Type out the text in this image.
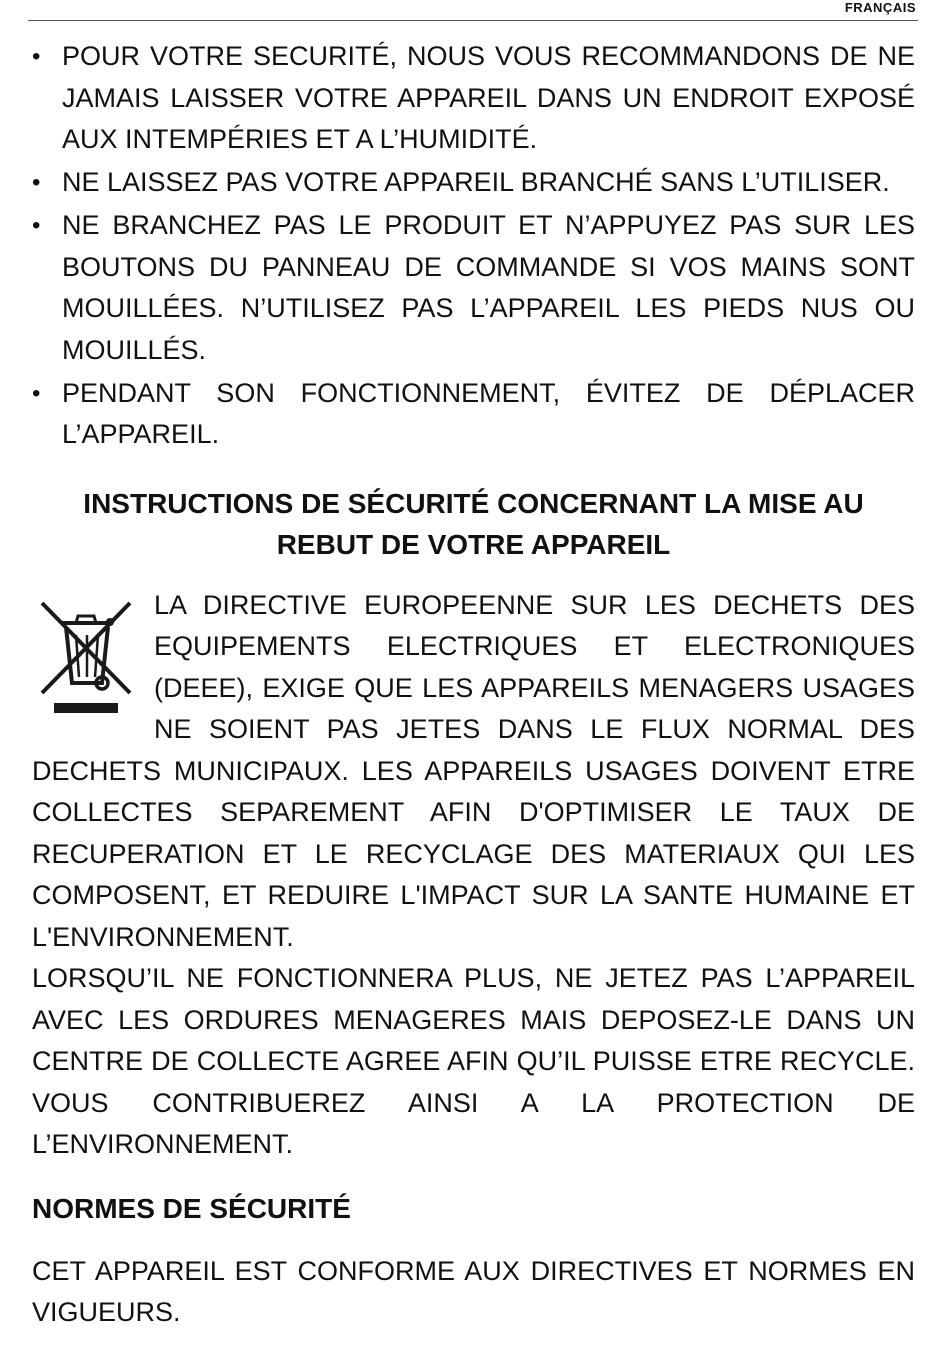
FRANÇAIS
• POUR VOTRE SECURITÉ, NOUS VOUS RECOMMANDONS DE NE JAMAIS LAISSER VOTRE APPAREIL DANS UN ENDROIT EXPOSÉ AUX INTEMPÉRIES ET A L’HUMIDITÉ.
• NE LAISSEZ PAS VOTRE APPAREIL BRANCHÉ SANS L’UTILISER.
• NE BRANCHEZ PAS LE PRODUIT ET N’APPUYEZ PAS SUR LES BOUTONS DU PANNEAU DE COMMANDE SI VOS MAINS SONT MOUILLÉES. N’UTILISEZ PAS L’APPAREIL LES PIEDS NUS OU MOUILLÉS.
• PENDANT SON FONCTIONNEMENT, ÉVITEZ DE DÉPLACER L’APPAREIL.
INSTRUCTIONS DE SÉCURITÉ CONCERNANT LA MISE AU REBUT DE VOTRE APPAREIL

LA DIRECTIVE EUROPEENNE SUR LES DECHETS DES EQUIPEMENTS ELECTRIQUES ET ELECTRONIQUES (DEEE), EXIGE QUE LES APPAREILS MENAGERS USAGES NE SOIENT PAS JETES DANS LE FLUX NORMAL DES DECHETS MUNICIPAUX. LES APPAREILS USAGES DOIVENT ETRE COLLECTES SEPAREMENT AFIN D'OPTIMISER LE TAUX DE RECUPERATION ET LE RECYCLAGE DES MATERIAUX QUI LES COMPOSENT, ET REDUIRE L'IMPACT SUR LA SANTE HUMAINE ET L'ENVIRONNEMENT.

LORSQU’IL NE FONCTIONNERA PLUS, NE JETEZ PAS L’APPAREIL AVEC LES ORDURES MENAGERES MAIS DEPOSEZ-LE DANS UN CENTRE DE COLLECTE AGREE AFIN QU’IL PUISSE ETRE RECYCLE. VOUS CONTRIBUEREZ AINSI A LA PROTECTION DE L’ENVIRONNEMENT.

NORMES DE SÉCURITÉ

CET APPAREIL EST CONFORME AUX DIRECTIVES ET NORMES EN VIGUEURS.
